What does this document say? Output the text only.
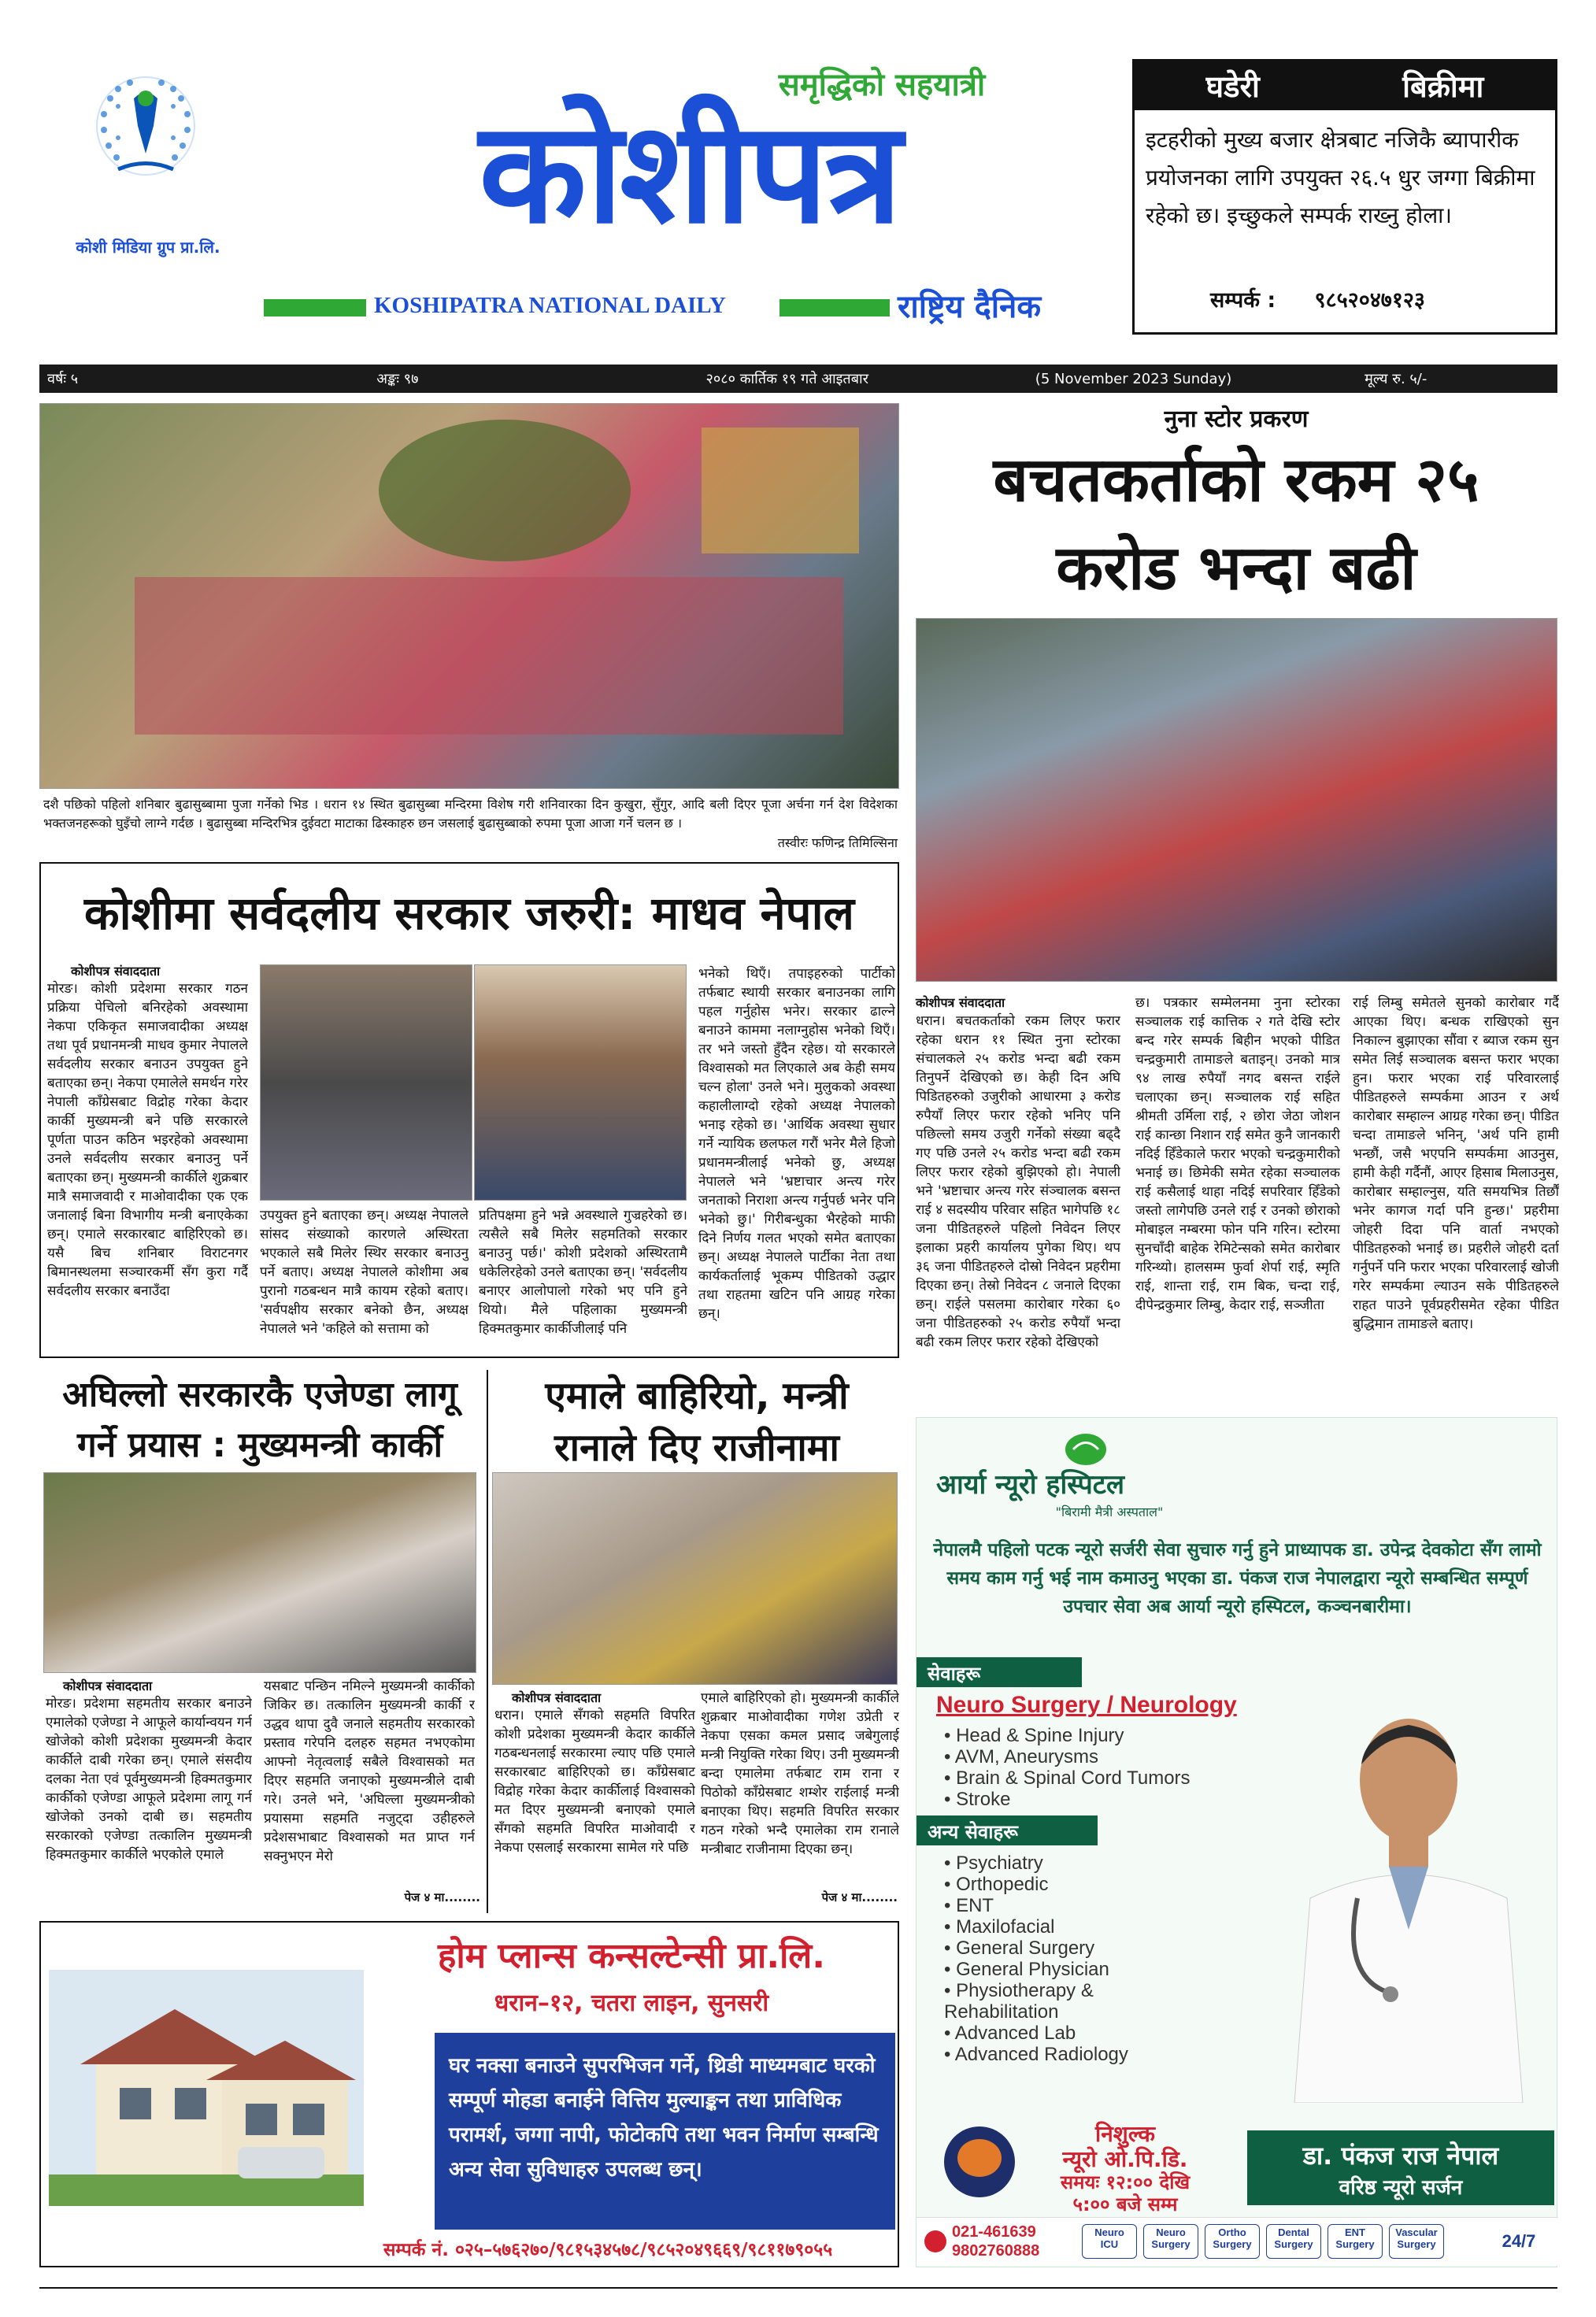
कोशी मिडिया ग्रुप प्रा.लि.
समृद्धिको सहयात्री
कोशीपत्र
KOSHIPATRA NATIONAL DAILY	राष्ट्रिय दैनिक
घडेरी	बिक्रीमा
इटहरीको मुख्य बजार क्षेत्रबाट नजिकै ब्यापारीक प्रयोजनका लागि उपयुक्त २६.५ धुर जग्गा बिक्रीमा रहेको छ। इच्छुकले सम्पर्क राख्नु होला।
सम्पर्क : ९८५२०४७१२३
वर्षः ५	अङ्कः ९७	२०८० कार्तिक १९ गते आइतबार	(5 November 2023 Sunday)	मूल्य रु. ५/-
दशै पछिको पहिलो शनिबार बुढासुब्बामा पुजा गर्नेको भिड । धरान १४ स्थित बुढासुब्बा मन्दिरमा विशेष गरी शनिवारका दिन कुखुरा, सुँगुर, आदि बली दिएर पूजा अर्चना गर्न देश विदेशका भक्तजनहरूको घुइँचो लाग्ने गर्दछ । बुढासुब्बा मन्दिरभित्र दुईवटा माटाका ढिस्काहरु छन जसलाई बुढासुब्बाको रुपमा पूजा आजा गर्ने चलन छ ।
तस्वीरः फणिन्द्र तिमिल्सिना
नुना स्टोर प्रकरण
बचतकर्ताको रकम २५
करोड भन्दा बढी
कोशीपत्र संवाददाता
धरान। बचतकर्ताको रकम लिएर फरार रहेका धरान ११ स्थित नुना स्टोरका संचालकले २५ करोड भन्दा बढी रकम तिनुपर्ने देखिएको छ। केही दिन अघि पिडितहरुको उजुरीको आधारमा ३ करोड रुपैयाँ लिएर फरार रहेको भनिए पनि पछिल्लो समय उजुरी गर्नेको संख्या बढ्दै गए पछि उनले २५ करोड भन्दा बढी रकम लिएर फरार रहेको बुझिएको हो। नेपाली भने 'भ्रष्टाचार अन्त्य गरेर संञ्चालक बसन्त राई ४ सदस्यीय परिवार सहित भागेपछि १८ जना पीडितहरुले पहिलो निवेदन लिएर इलाका प्रहरी कार्यालय पुगेका थिए। थप ३६ जना पीडितहरुले दोस्रो निवेदन प्रहरीमा दिएका छन्। तेस्रो निवेदन ८ जनाले दिएका छन्। राईले पसलमा कारोबार गरेका ६० जना पीडितहरुको २५ करोड रुपैयाँ भन्दा बढी रकम लिएर फरार रहेको देखिएको
छ। पत्रकार सम्मेलनमा नुना स्टोरका सञ्चालक राई कात्तिक २ गते देखि स्टोर बन्द गरेर सम्पर्क बिहीन भएको पीडित चन्द्रकुमारी तामाङले बताइन्। उनको मात्र ९४ लाख रुपैयाँ नगद बसन्त राईले चलाएका छन्। सञ्चालक राई सहित श्रीमती उर्मिला राई, २ छोरा जेठा जोशन राई कान्छा निशान राई समेत कुनै जानकारी नदिई हिँडेकाले फरार भएको चन्द्रकुमारीको भनाई छ। छिमेकी समेत रहेका सञ्चालक राई कसैलाई थाहा नदिई सपरिवार हिँडेको जस्तो लागेपछि उनले राई र उनको छोराको मोबाइल नम्बरमा फोन पनि गरिन। स्टोरमा सुनचाँदी बाहेक रेमिटेन्सको समेत कारोबार गरिन्थ्यो। हालसम्म फुर्वा शेर्पा राई, स्मृति राई, शान्ता राई, राम बिक, चन्दा राई, दीपेन्द्रकुमार लिम्बु, केदार राई, सञ्जीता
राई लिम्बु समेतले सुनको कारोबार गर्दै आएका थिए। बन्धक राखिएको सुन निकाल्न बुझाएका सौंवा र ब्याज रकम सुन समेत लिई सञ्चालक बसन्त फरार भएका हुन। फरार भएका राई परिवारलाई पीडितहरुले सम्पर्कमा आउन र अर्थ कारोबार सम्हाल्न आग्रह गरेका छन्। पीडित चन्दा तामाङले भनिन्, 'अर्थ पनि हामी भन्छौं, जसै भएपनि सम्पर्कमा आउनुस, हामी केही गर्दैनौं, आएर हिसाब मिलाउनुस, कारोबार सम्हाल्नुस, यति समयभित्र तिर्छौं भनेर कागज गर्दा पनि हुन्छ।' प्रहरीमा जोहरी दिदा पनि वार्ता नभएको पीडितहरुको भनाई छ। प्रहरीले जोहरी दर्ता गर्नुपर्ने पनि फरार भएका परिवारलाई खोजी गरेर सम्पर्कमा ल्याउन सके पीडितहरुले राहत पाउने पूर्वप्रहरीसमेत रहेका पीडित बुद्धिमान तामाङले बताए।
कोशीमा सर्वदलीय सरकार जरुरी: माधव नेपाल
कोशीपत्र संवाददाता
मोरङ। कोशी प्रदेशमा सरकार गठन प्रक्रिया पेचिलो बनिरहेको अवस्थामा नेकपा एकिकृत समाजवादीका अध्यक्ष तथा पूर्व प्रधानमन्त्री माधव कुमार नेपालले सर्वदलीय सरकार बनाउन उपयुक्त हुने बताएका छन्। नेकपा एमालेले समर्थन गरेर नेपाली काँग्रेसबाट विद्रोह गरेका केदार कार्की मुख्यमन्त्री बने पछि सरकारले पूर्णता पाउन कठिन भइरहेको अवस्थामा उनले सर्वदलीय सरकार बनाउनु पर्ने बताएका छन्। मुख्यमन्त्री कार्कीले शुक्रबार मात्रै समाजवादी र माओवादीका एक एक जनालाई बिना विभागीय मन्त्री बनाएकेका छन्। एमाले सरकारबाट बाहिरिएको छ। यसै बिच शनिबार विराटनगर बिमानस्थलमा सञ्चारकर्मी सँग कुरा गर्दै सर्वदलीय सरकार बनाउँदा
उपयुक्त हुने बताएका छन्। अध्यक्ष नेपालले सांसद संख्याको कारणले अस्थिरता भएकाले सबै मिलेर स्थिर सरकार बनाउनु पर्ने बताए। अध्यक्ष नेपालले कोशीमा अब पुरानो गठबन्धन मात्रै कायम रहेको बताए। 'सर्वपक्षीय सरकार बनेको छैन, अध्यक्ष नेपालले भने 'कहिले को सत्तामा को
प्रतिपक्षमा हुने भन्ने अवस्थाले गुज्रहरेको छ। त्यसैले सबै मिलेर सहमतिको सरकार बनाउनु पर्छ।' कोशी प्रदेशको अस्थिरतामै धकेलिरहेको उनले बताएका छन्। 'सर्वदलीय बनाएर आलोपालो गरेको भए पनि हुने थियो। मैले पहिलाका मुख्यमन्त्री हिक्मतकुमार कार्कीजीलाई पनि
भनेको थिएँ। तपाइहरुको पार्टीको तर्फबाट स्थायी सरकार बनाउनका लागि पहल गर्नुहोस भनेर। सरकार ढाल्ने बनाउने काममा नलाग्नुहोस भनेको थिएँ। तर भने जस्तो हुँदैन रहेछ। यो सरकारले विश्वासको मत लिएकाले अब केही समय चल्न होला' उनले भने। मुलुकको अवस्था कहालीलाग्दो रहेको अध्यक्ष नेपालको भनाइ रहेको छ। 'आर्थिक अवस्था सुधार गर्ने न्यायिक छलफल गरौं भनेर मैले हिजो प्रधानमन्त्रीलाई भनेको छु, अध्यक्ष नेपालले भने 'भ्रष्टाचार अन्त्य गरेर जनताको निराशा अन्त्य गर्नुपर्छ भनेर पनि भनेको छु।' गिरीबन्धुका भैरहेको माफी दिने निर्णय गलत भएको समेत बताएका छन्। अध्यक्ष नेपालले पार्टीका नेता तथा कार्यकर्तालाई भूकम्प पीडितको उद्धार तथा राहतमा खटिन पनि आग्रह गरेका छन्।
अघिल्लो सरकारकै एजेण्डा लागू
गर्ने प्रयास : मुख्यमन्त्री कार्की
कोशीपत्र संवाददाता
मोरङ। प्रदेशमा सहमतीय सरकार बनाउने एमालेको एजेण्डा ने आफूले कार्यान्वयन गर्न खोजेको कोशी प्रदेशका मुख्यमन्त्री केदार कार्कीले दाबी गरेका छन्। एमाले संसदीय दलका नेता एवं पूर्वमुख्यमन्त्री हिक्मतकुमार कार्कीको एजेण्डा आफूले प्रदेशमा लागू गर्न खोजेको उनको दाबी छ। सहमतीय सरकारको एजेण्डा तत्कालिन मुख्यमन्त्री हिक्मतकुमार कार्कीले भएकोले एमाले
यसबाट पन्छिन नमिल्ने मुख्यमन्त्री कार्कीको जिकिर छ। तत्कालिन मुख्यमन्त्री कार्की र उद्धव थापा दुवै जनाले सहमतीय सरकारको प्रस्ताव गरेपनि दलहरु सहमत नभएकोमा आफ्नो नेतृत्वलाई सबैले विश्वासको मत दिएर सहमति जनाएको मुख्यमन्त्रीले दाबी गरे। उनले भने, 'अघिल्ला मुख्यमन्त्रीको प्रयासमा सहमति नजुट्दा उहीहरुले प्रदेशसभाबाट विश्वासको मत प्राप्त गर्न सक्नुभएन मेरो
पेज ४ मा........
एमाले बाहिरियो, मन्त्री
रानाले दिए राजीनामा
कोशीपत्र संवाददाता
धरान। एमाले सँगको सहमति विपरित कोशी प्रदेशका मुख्यमन्त्री केदार कार्कीले गठबन्धनलाई सरकारमा ल्याए पछि एमाले सरकारबाट बाहिरिएको छ। काँग्रेसबाट विद्रोह गरेका केदार कार्कीलाई विश्वासको मत दिएर मुख्यमन्त्री बनाएको एमाले सँगको सहमति विपरित माओवादी र नेकपा एसलाई सरकारमा सामेल गरे पछि
एमाले बाहिरिएको हो। मुख्यमन्त्री कार्कीले शुक्रबार माओवादीका गणेश उप्रेती र नेकपा एसका कमल प्रसाद जबेगुलाई मन्त्री नियुक्ति गरेका थिए। उनी मुख्यमन्त्री बन्दा एमालेमा तर्फबाट राम राना र पिठोको काँग्रेसबाट शम्शेर राईलाई मन्त्री बनाएका थिए। सहमति विपरित सरकार गठन गरेको भन्दै एमालेका राम रानाले मन्त्रीबाट राजीनामा दिएका छन्।
पेज ४ मा........
होम प्लान्स कन्सल्टेन्सी प्रा.लि.
धरान–१२, चतरा लाइन, सुनसरी
घर नक्सा बनाउने सुपरभिजन गर्ने, थ्रिडी माध्यमबाट घरको सम्पूर्ण मोहडा बनाईने वित्तिय मुल्याङ्कन तथा प्राविधिक परामर्श, जग्गा नापी, फोटोकपि तथा भवन निर्माण सम्बन्धि अन्य सेवा सुविधाहरु उपलब्ध छन्।
सम्पर्क नं. ०२५–५७६२७०/९८१५३४५७८/९८५२०४९६६९/९८११७९०५५
आर्या न्यूरो हस्पिटल
"बिरामी मैत्री अस्पताल"
नेपालमै पहिलो पटक न्यूरो सर्जरी सेवा सुचारु गर्नु हुने प्राध्यापक डा. उपेन्द्र देवकोटा सँग लामो समय काम गर्नु भई नाम कमाउनु भएका डा. पंकज राज नेपालद्वारा न्यूरो सम्बन्धित सम्पूर्ण उपचार सेवा अब आर्या न्यूरो हस्पिटल, कञ्चनबारीमा।
सेवाहरू
Neuro Surgery / Neurology
• Head & Spine Injury
• AVM, Aneurysms
• Brain & Spinal Cord Tumors
• Stroke
अन्य सेवाहरू
• Psychiatry
• Orthopedic
• ENT
• Maxilofacial
• General Surgery
• General Physician
• Physiotherapy & Rehabilitation
• Advanced Lab
• Advanced Radiology
निशुल्क
न्यूरो ओ.पि.डि.
समयः १२:०० देखि
५:०० बजे सम्म
डा. पंकज राज नेपाल
वरिष्ठ न्यूरो सर्जन
021-461639
9802760888
Neuro ICU
Neuro Surgery
Ortho Surgery
Dental Surgery
ENT Surgery
Vascular Surgery	24/7
